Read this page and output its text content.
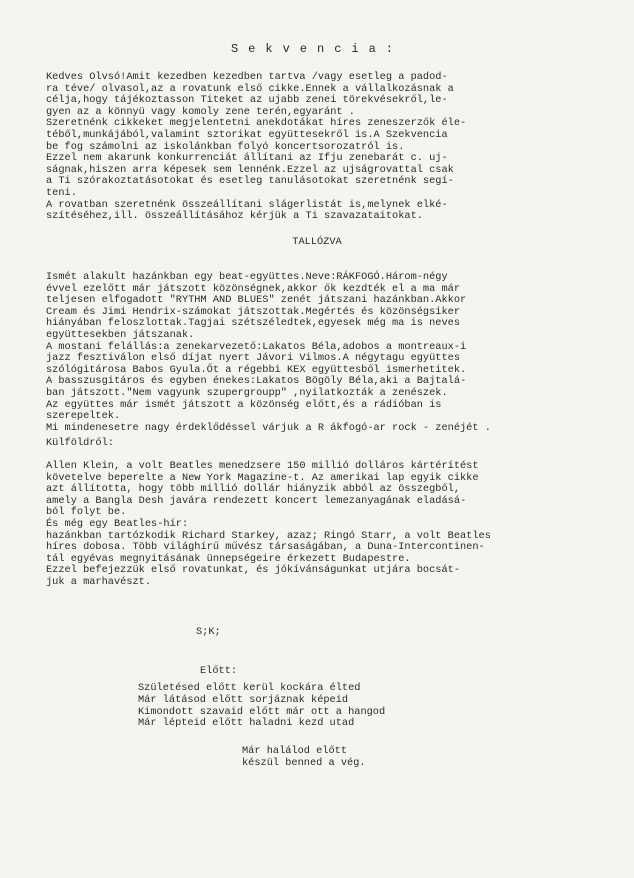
Sekvencia:
Kedves Olvsó!Amit kezedben kezedben tartva /vagy esetleg a padod-
ra téve/ olvasol,az a rovatunk első cikke.Ennek a vállalkozásnak a
célja,hogy tájékoztasson Titeket az ujabb zenei törekvésekről,le-
gyen az a könnyü vagy komoly zene terén,egyaránt .
Szeretnénk cikkeket megjelentetni anekdotákat híres zeneszerzők éle-
téből,munkájából,valamint sztorikat együttesekről is.A Szekvencia
be fog számolni az iskolánkban folyó koncertsorozatról is.
Ezzel nem akarunk konkurrenciát állítani az Ifju zenebarát c. uj-
ságnak,hiszen arra képesek sem lennénk.Ezzel az ujságrovattal csak
a Ti szórakoztatásotokat és esetleg tanulásotokat szeretnénk segí-
teni.
A rovatban szeretnénk összeállítani slágerlistát is,melynek elké-
szítéséhez,ill. összeállításához kérjük a Ti szavazataitokat.
TALLÓZVA
Ismét alakult hazánkban egy beat-együttes.Neve:RÁKFOGÓ.Három-négy
évvel ezelőtt már játszott közönségnek,akkor ők kezdték el a ma már
teljesen elfogadott "RYTHM AND BLUES" zenét játszani hazánkban.Akkor
Cream és Jimi Hendrix-számokat játszottak.Megértés és közönségsiker
hiányában feloszlottak.Tagjai szétszéledtek,egyesek még ma is neves
együttesekben játszanak.
A mostani felállás:a zenekarvezető:Lakatos Béla,adobos a montreaux-i
jazz fesztiválon első díjat nyert Jávori Vilmos.A négytagu együttes
szólógitárosa Babos Gyula.Őt a régebbi KEX együttesből ismerhetitek.
A basszusgitáros és egyben énekes:Lakatos Bögöly Béla,aki a Bajtalá-
ban játszott."Nem vagyunk szupergroupp" ,nyilatkozták a zenészek.
Az együttes már ismét játszott a közönség előtt,és a rádióban is
szerepeltek.
Mi mindenesetre nagy érdeklődéssel várjuk a R ákfogó-ar rock - zenéjét .
Külföldről:
Allen Klein, a volt Beatles menedzsere 150 millió dolláros kártérítést
követelve beperelte a New York Magazine-t. Az amerikai lap egyik cikke
azt állította, hogy több millió dollár hiányzik abból az összegből,
amely a Bangla Desh javára rendezett koncert lemezanyagának eladásá-
ból folyt be.
És még egy Beatles-hír:
hazánkban tartózkodik Richard Starkey, azaz; Ringó Starr, a volt Beatles
híres dobosa. Több világhírű művész társaságában, a Duna-Intercontinen-
tál egyévas megnyitásának ünnepségeire érkezett Budapestre.
Ezzel befejezzük első rovatunkat, és jókívánságunkat utjára bocsát-
juk a marhavészt.
S;K;
Előtt:
Születésed előtt kerül kockára élted
Már látásod előtt sorjáznak képeid
Kimondott szavaid előtt már ott a hangod
Már lépteid előtt haladni kezd utad
Már halálod előtt
készül benned a vég.
